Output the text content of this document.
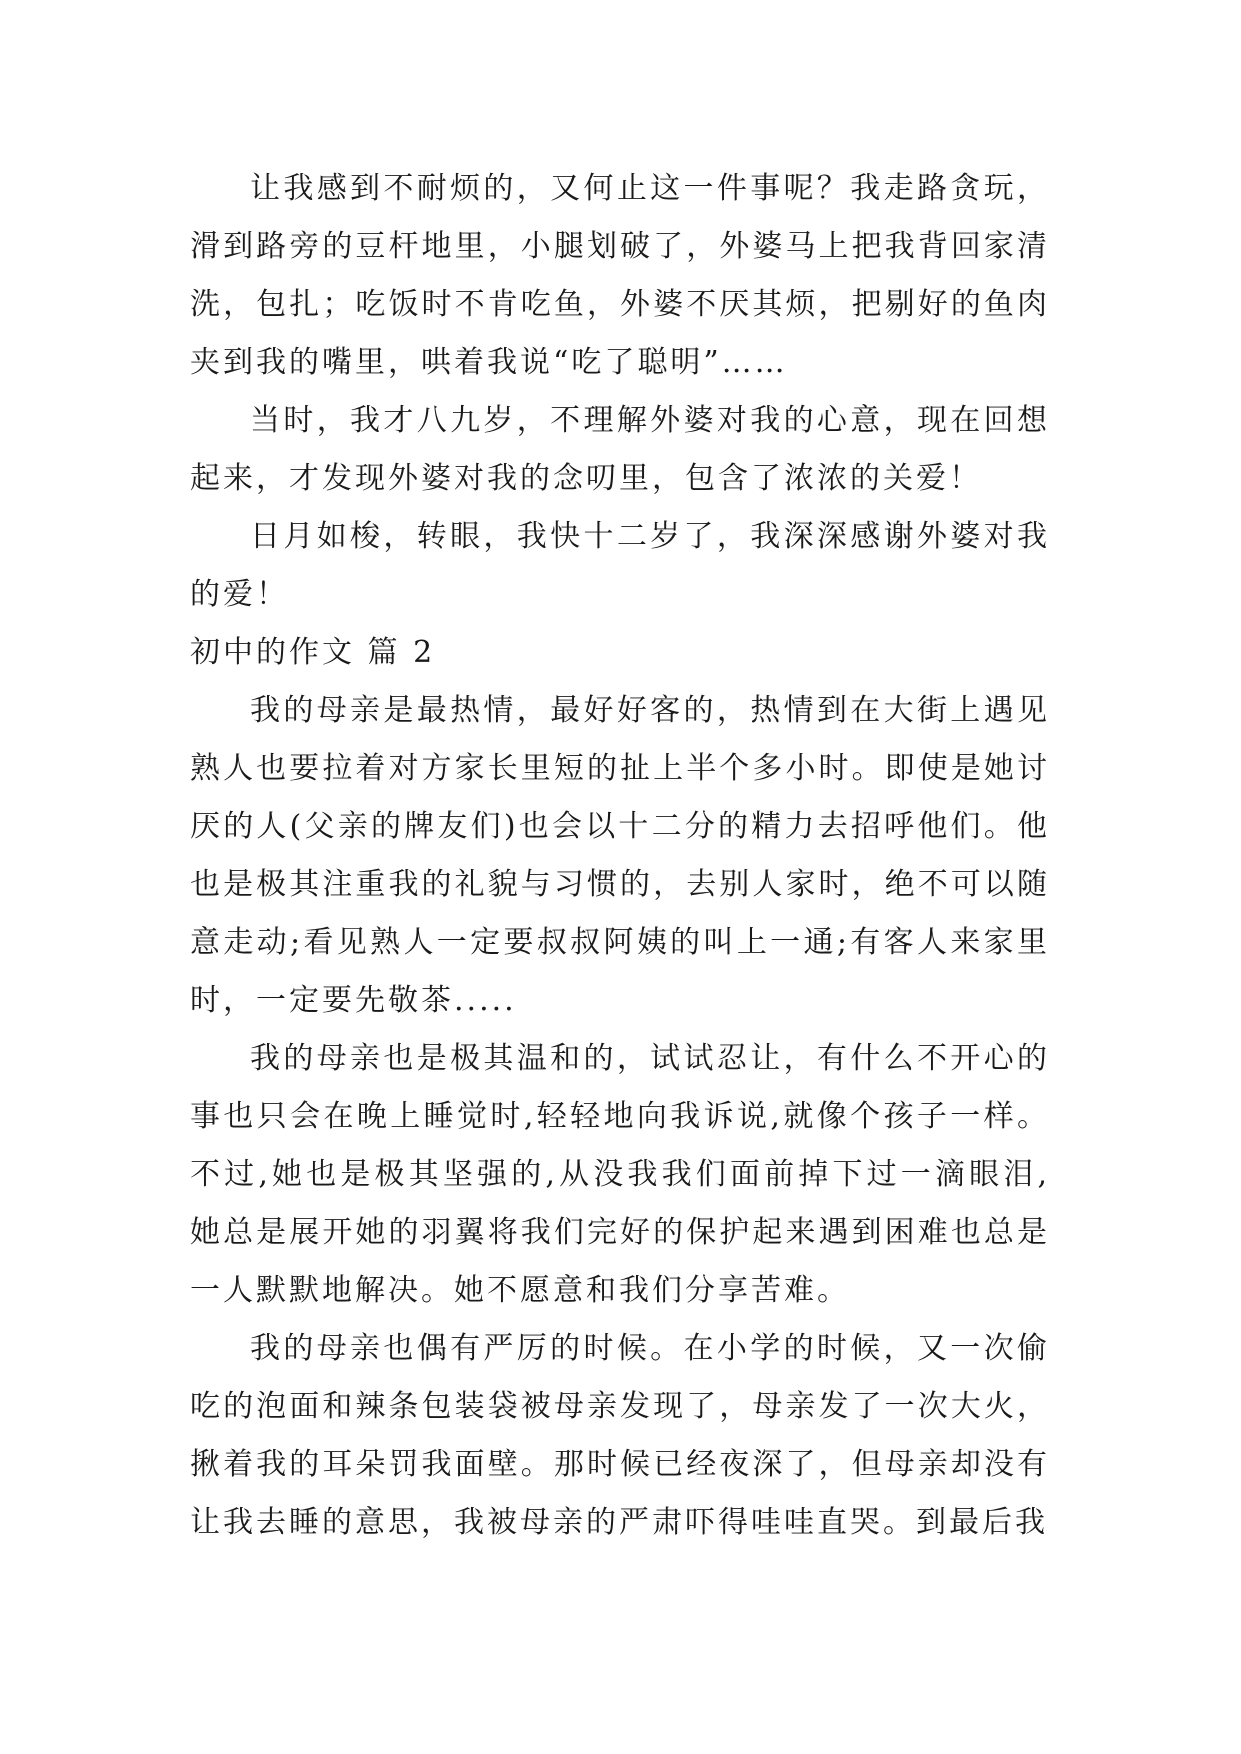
让我感到不耐烦的，又何止这一件事呢？我走路贪玩，滑到路旁的豆杆地里，小腿划破了，外婆马上把我背回家清洗，包扎；吃饭时不肯吃鱼，外婆不厌其烦，把剔好的鱼肉夹到我的嘴里，哄着我说“吃了聪明”……

当时，我才八九岁，不理解外婆对我的心意，现在回想起来，才发现外婆对我的念叨里，包含了浓浓的关爱！

日月如梭，转眼，我快十二岁了，我深深感谢外婆对我的爱！

初中的作文 篇 2

我的母亲是最热情，最好好客的，热情到在大街上遇见熟人也要拉着对方家长里短的扯上半个多小时。即使是她讨厌的人(父亲的牌友们)也会以十二分的精力去招呼他们。他也是极其注重我的礼貌与习惯的，去别人家时，绝不可以随意走动;看见熟人一定要叔叔阿姨的叫上一通;有客人来家里时，一定要先敬茶.....

我的母亲也是极其温和的，试试忍让，有什么不开心的事也只会在晚上睡觉时,轻轻地向我诉说,就像个孩子一样。不过,她也是极其坚强的,从没我我们面前掉下过一滴眼泪,她总是展开她的羽翼将我们完好的保护起来遇到困难也总是一人默默地解决。她不愿意和我们分享苦难。

我的母亲也偶有严厉的时候。在小学的时候，又一次偷吃的泡面和辣条包装袋被母亲发现了，母亲发了一次大火，揪着我的耳朵罚我面壁。那时候已经夜深了，但母亲却没有让我去睡的意思，我被母亲的严肃吓得哇哇直哭。到最后我
